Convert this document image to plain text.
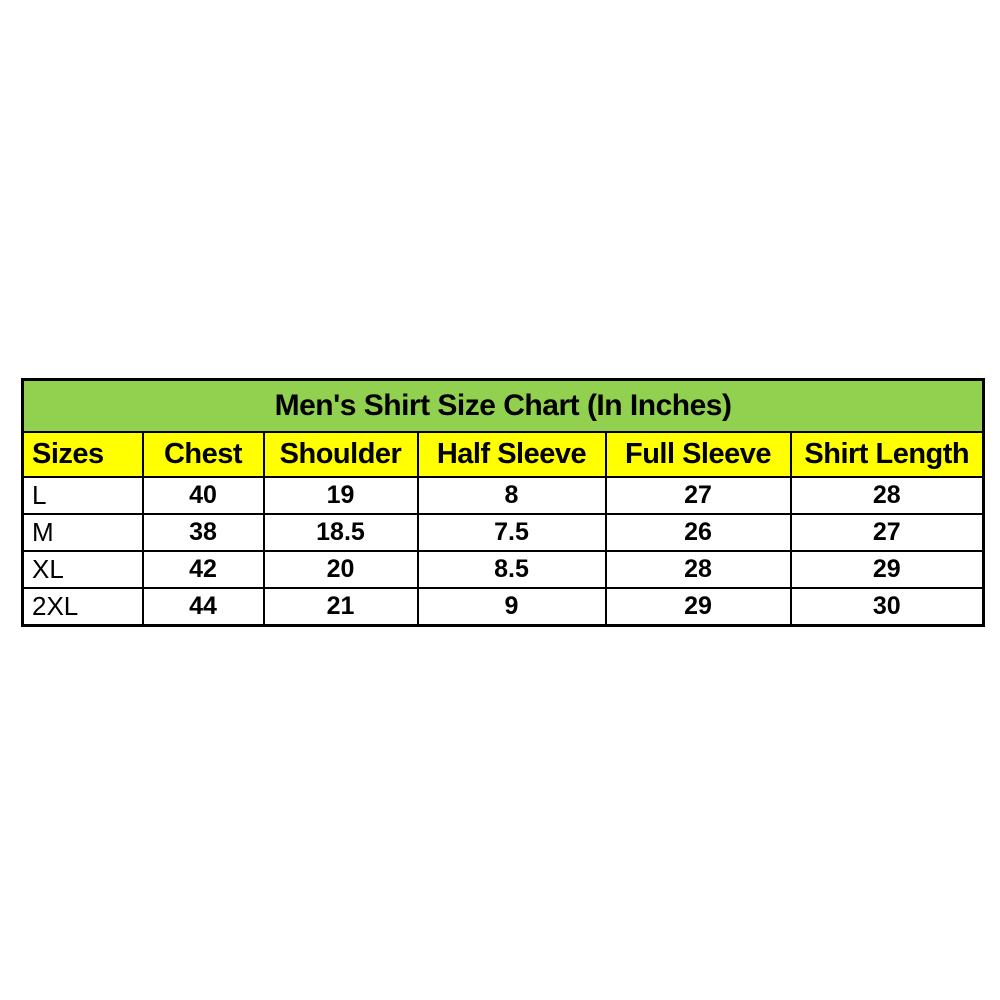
Men's Shirt Size Chart (In Inches)					
Sizes	Chest	Shoulder	Half Sleeve	Full Sleeve	Shirt Length
L	40	19	8	27	28
M	38	18.5	7.5	26	27
XL	42	20	8.5	28	29
2XL	44	21	9	29	30
